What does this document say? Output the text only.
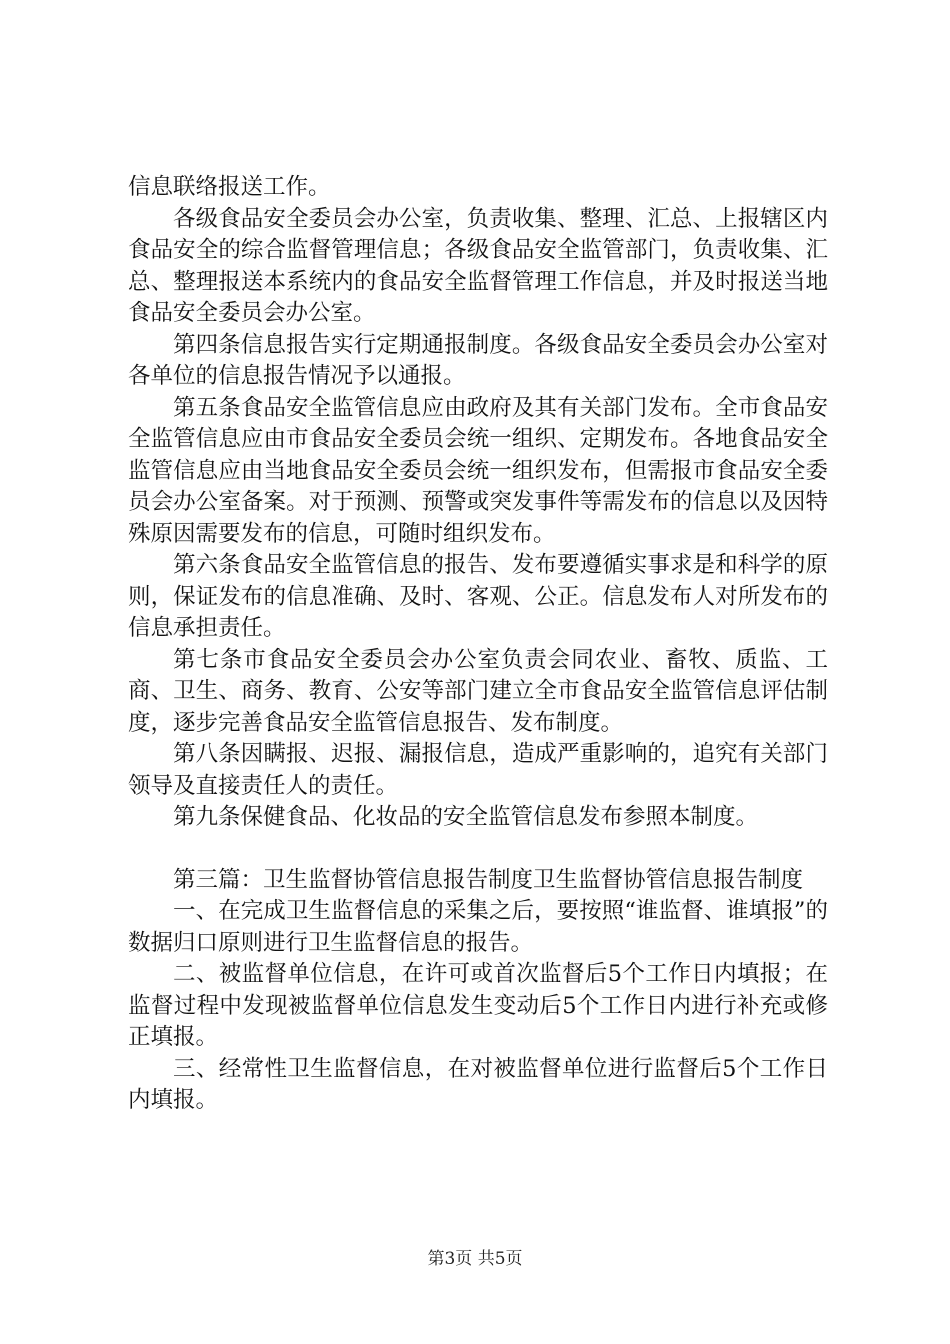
信息联络报送工作。

各级食品安全委员会办公室，负责收集、整理、汇总、上报辖区内食品安全的综合监督管理信息；各级食品安全监管部门，负责收集、汇总、整理报送本系统内的食品安全监督管理工作信息，并及时报送当地食品安全委员会办公室。

第四条信息报告实行定期通报制度。各级食品安全委员会办公室对各单位的信息报告情况予以通报。

第五条食品安全监管信息应由政府及其有关部门发布。全市食品安全监管信息应由市食品安全委员会统一组织、定期发布。各地食品安全监管信息应由当地食品安全委员会统一组织发布，但需报市食品安全委员会办公室备案。对于预测、预警或突发事件等需发布的信息以及因特殊原因需要发布的信息，可随时组织发布。

第六条食品安全监管信息的报告、发布要遵循实事求是和科学的原则，保证发布的信息准确、及时、客观、公正。信息发布人对所发布的信息承担责任。

第七条市食品安全委员会办公室负责会同农业、畜牧、质监、工商、卫生、商务、教育、公安等部门建立全市食品安全监管信息评估制度，逐步完善食品安全监管信息报告、发布制度。

第八条因瞒报、迟报、漏报信息，造成严重影响的，追究有关部门领导及直接责任人的责任。

第九条保健食品、化妆品的安全监管信息发布参照本制度。

第三篇：卫生监督协管信息报告制度卫生监督协管信息报告制度

一、在完成卫生监督信息的采集之后，要按照“谁监督、谁填报”的数据归口原则进行卫生监督信息的报告。

二、被监督单位信息，在许可或首次监督后5个工作日内填报；在监督过程中发现被监督单位信息发生变动后5个工作日内进行补充或修正填报。

三、经常性卫生监督信息，在对被监督单位进行监督后5个工作日内填报。

第3页 共5页
